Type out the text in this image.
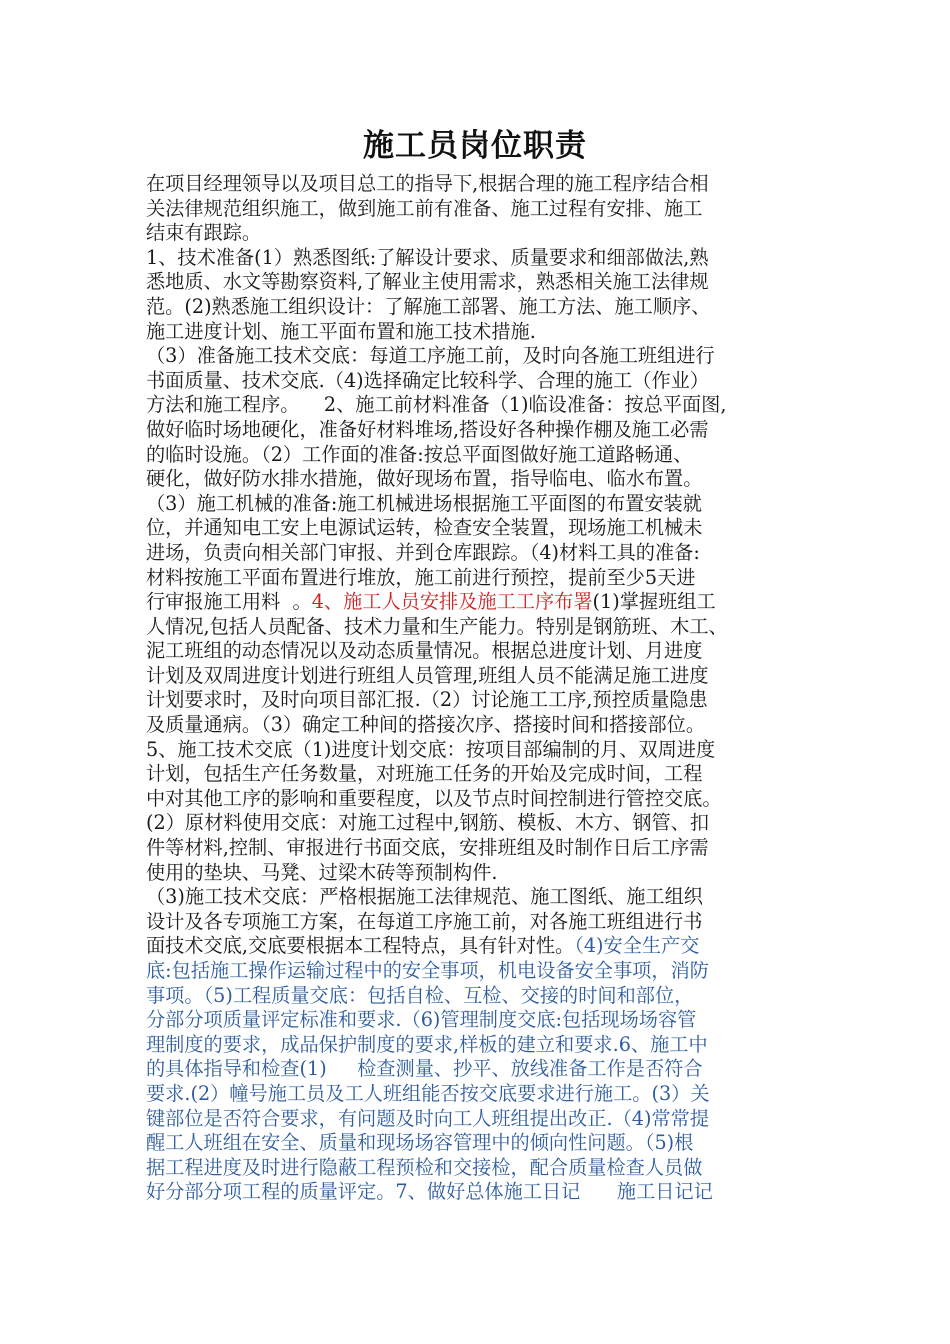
施工员岗位职责
在项目经理领导以及项目总工的指导下,根据合理的施工程序结合相
关法律规范组织施工，做到施工前有准备、施工过程有安排、施工
结束有跟踪。
1、技术准备(1）熟悉图纸:了解设计要求、质量要求和细部做法,熟
悉地质、水文等勘察资料,了解业主使用需求，熟悉相关施工法律规
范。(2)熟悉施工组织设计：了解施工部署、施工方法、施工顺序、
施工进度计划、施工平面布置和施工技术措施.
（3）准备施工技术交底：每道工序施工前，及时向各施工班组进行
书面质量、技术交底.（4)选择确定比较科学、合理的施工（作业）
方法和施工程序。    2、施工前材料准备（1)临设准备：按总平面图,
做好临时场地硬化，准备好材料堆场,搭设好各种操作棚及施工必需
的临时设施。（2）工作面的准备:按总平面图做好施工道路畅通、
硬化，做好防水排水措施，做好现场布置，指导临电、临水布置。
（3）施工机械的准备:施工机械进场根据施工平面图的布置安装就
位，并通知电工安上电源试运转，检查安全装置，现场施工机械未
进场，负责向相关部门审报、并到仓库跟踪。（4)材料工具的准备:
材料按施工平面布置进行堆放，施工前进行预控，提前至少5天进
行审报施工用料  。4、施工人员安排及施工工序布署(1)掌握班组工
人情况,包括人员配备、技术力量和生产能力。特别是钢筋班、木工、
泥工班组的动态情况以及动态质量情况。根据总进度计划、月进度
计划及双周进度计划进行班组人员管理,班组人员不能满足施工进度
计划要求时，及时向项目部汇报.（2）讨论施工工序,预控质量隐患
及质量通病。（3）确定工种间的搭接次序、搭接时间和搭接部位。
5、施工技术交底（1)进度计划交底：按项目部编制的月、双周进度
计划，包括生产任务数量，对班施工任务的开始及完成时间，工程
中对其他工序的影响和重要程度，以及节点时间控制进行管控交底。
(2）原材料使用交底：对施工过程中,钢筋、模板、木方、钢管、扣
件等材料,控制、审报进行书面交底，安排班组及时制作日后工序需
使用的垫块、马凳、过梁木砖等预制构件.
（3)施工技术交底：严格根据施工法律规范、施工图纸、施工组织
设计及各专项施工方案，在每道工序施工前，对各施工班组进行书
面技术交底,交底要根据本工程特点，具有针对性。（4)安全生产交
底:包括施工操作运输过程中的安全事项，机电设备安全事项，消防
事项。（5)工程质量交底：包括自检、互检、交接的时间和部位，
分部分项质量评定标准和要求.（6)管理制度交底:包括现场场容管
理制度的要求，成品保护制度的要求,样板的建立和要求.6、施工中
的具体指导和检查(1)     检查测量、抄平、放线准备工作是否符合
要求.(2）幢号施工员及工人班组能否按交底要求进行施工。(3）关
键部位是否符合要求，有问题及时向工人班组提出改正.（4)常常提
醒工人班组在安全、质量和现场场容管理中的倾向性问题。（5)根
据工程进度及时进行隐蔽工程预检和交接检，配合质量检查人员做
好分部分项工程的质量评定。7、做好总体施工日记      施工日记记
